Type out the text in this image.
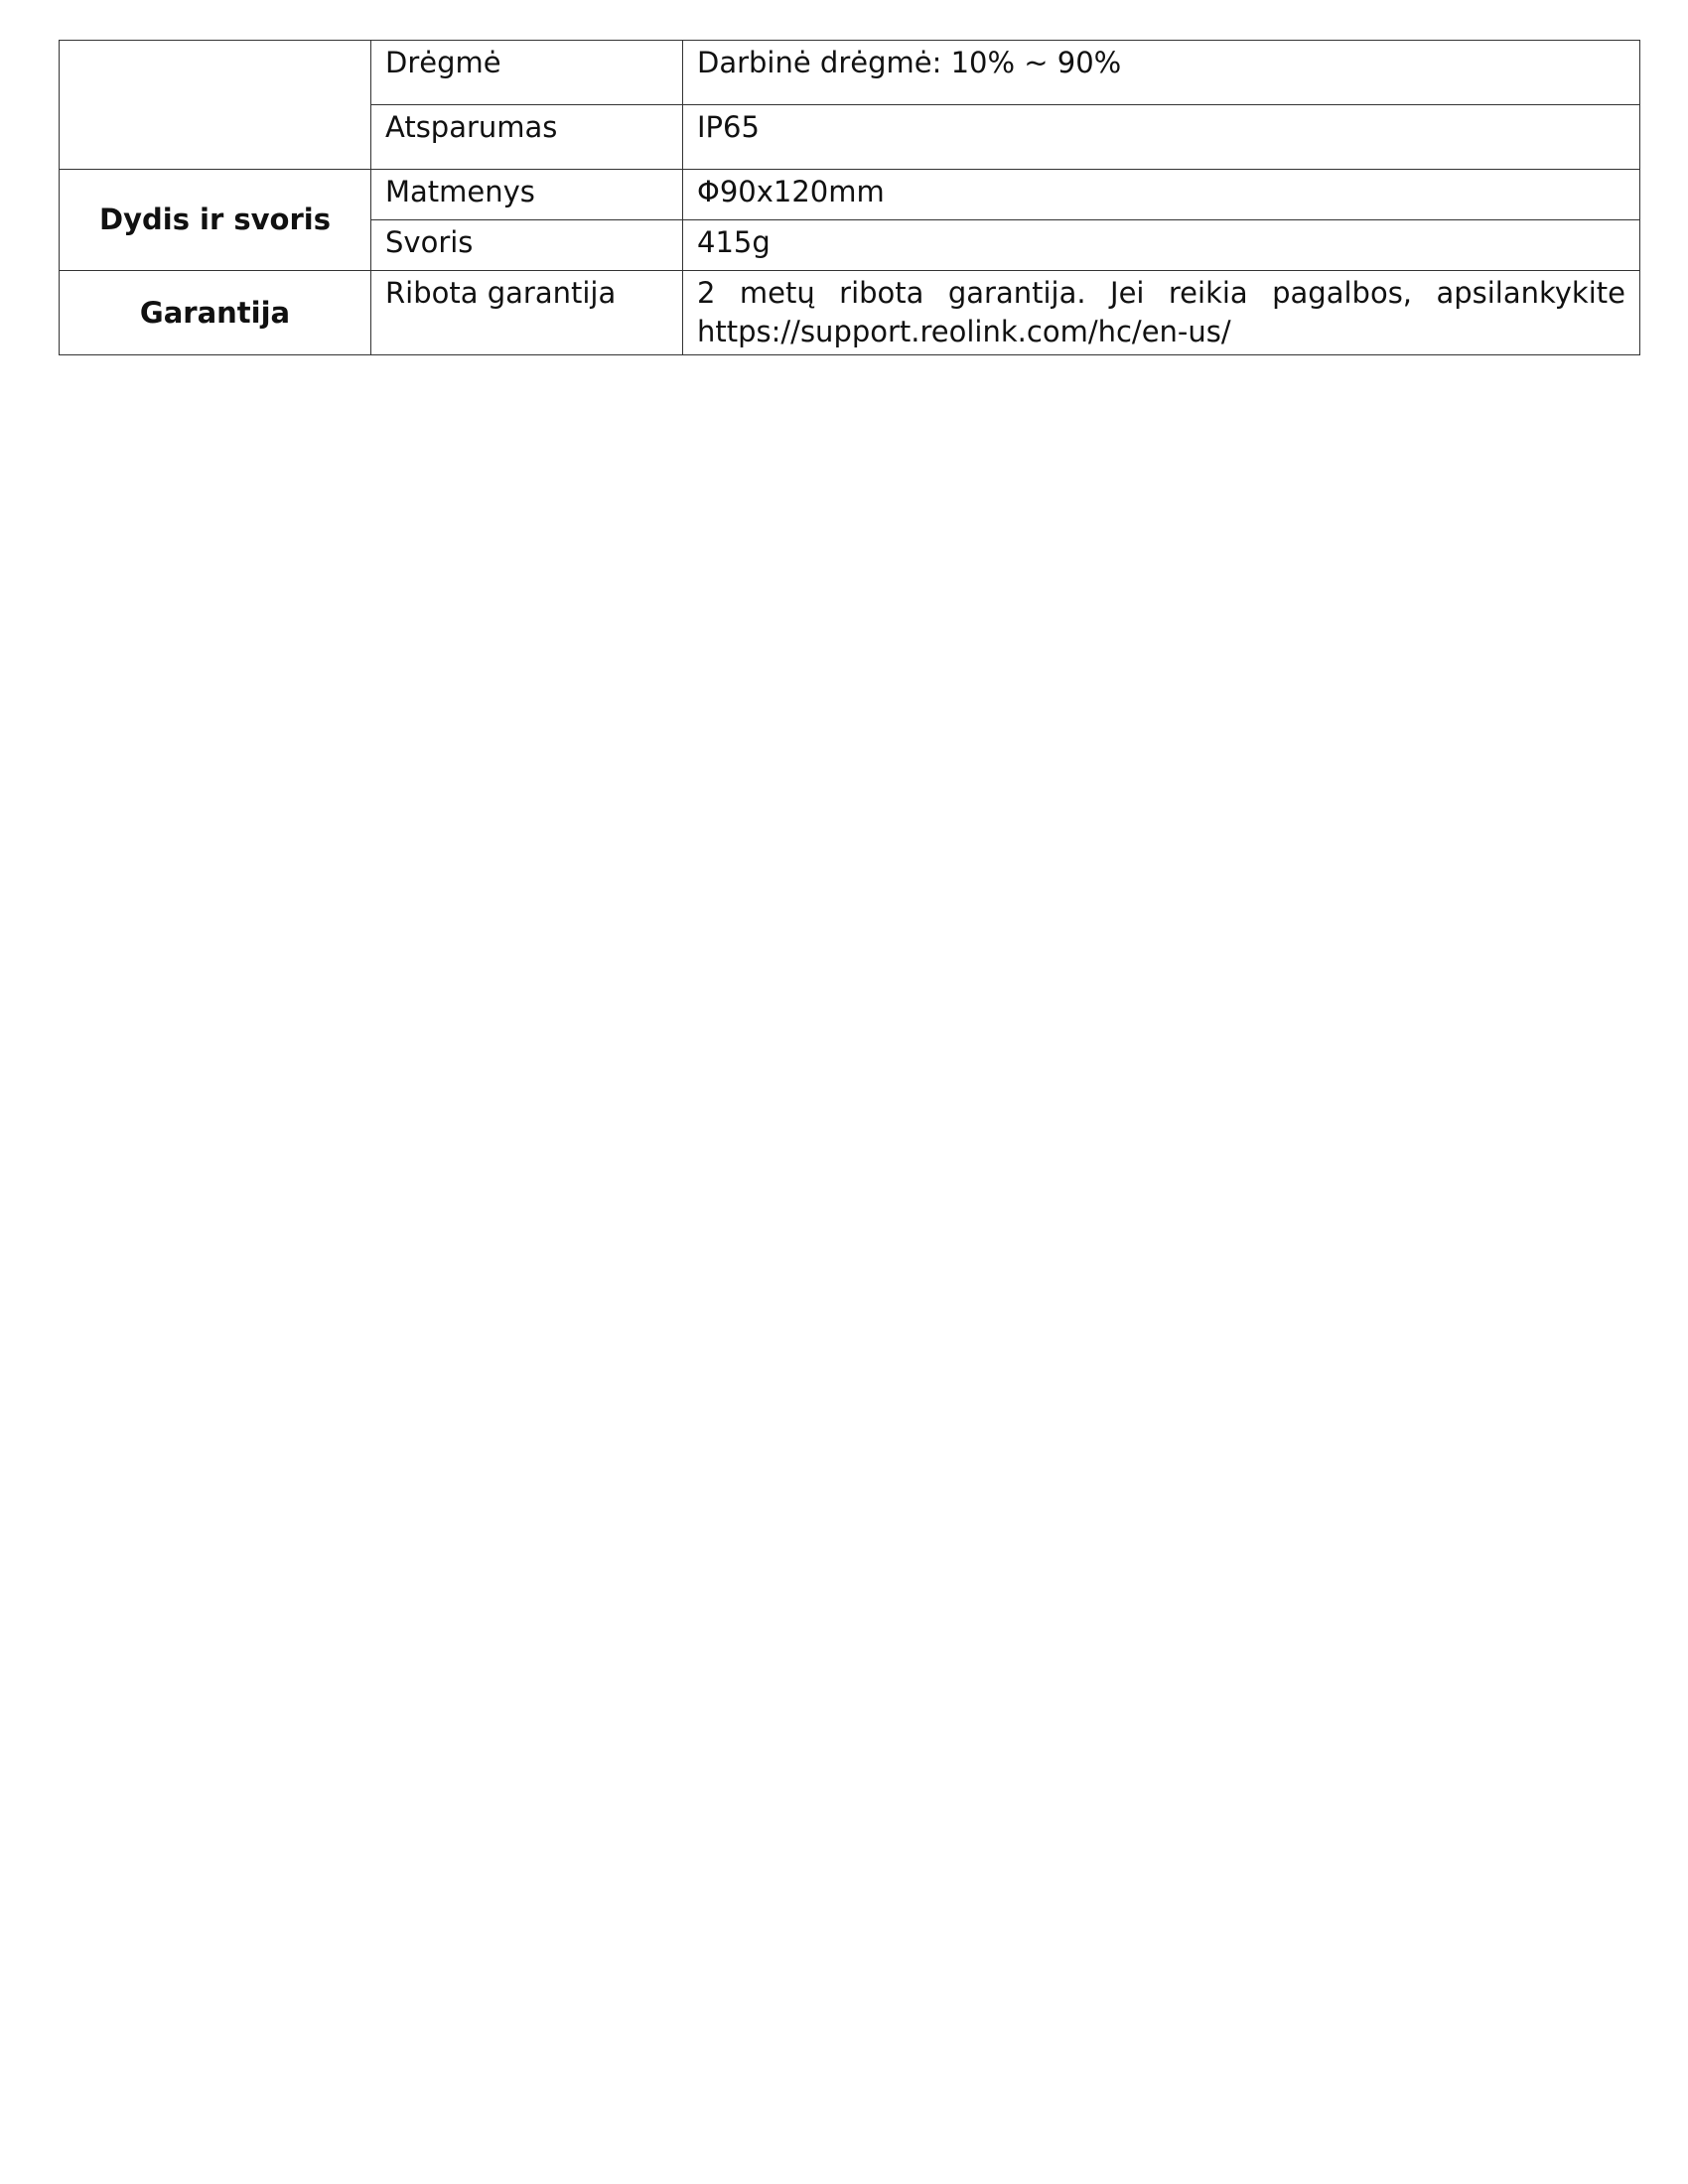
	Drėgmė	Darbinė drėgmė: 10% ~ 90%
	Atsparumas	IP65
Dydis ir svoris	Matmenys	Φ90x120mm
	Svoris	415g
Garantija	Ribota garantija	2 metų ribota garantija. Jei reikia pagalbos, apsilankykite https://support.reolink.com/hc/en-us/
